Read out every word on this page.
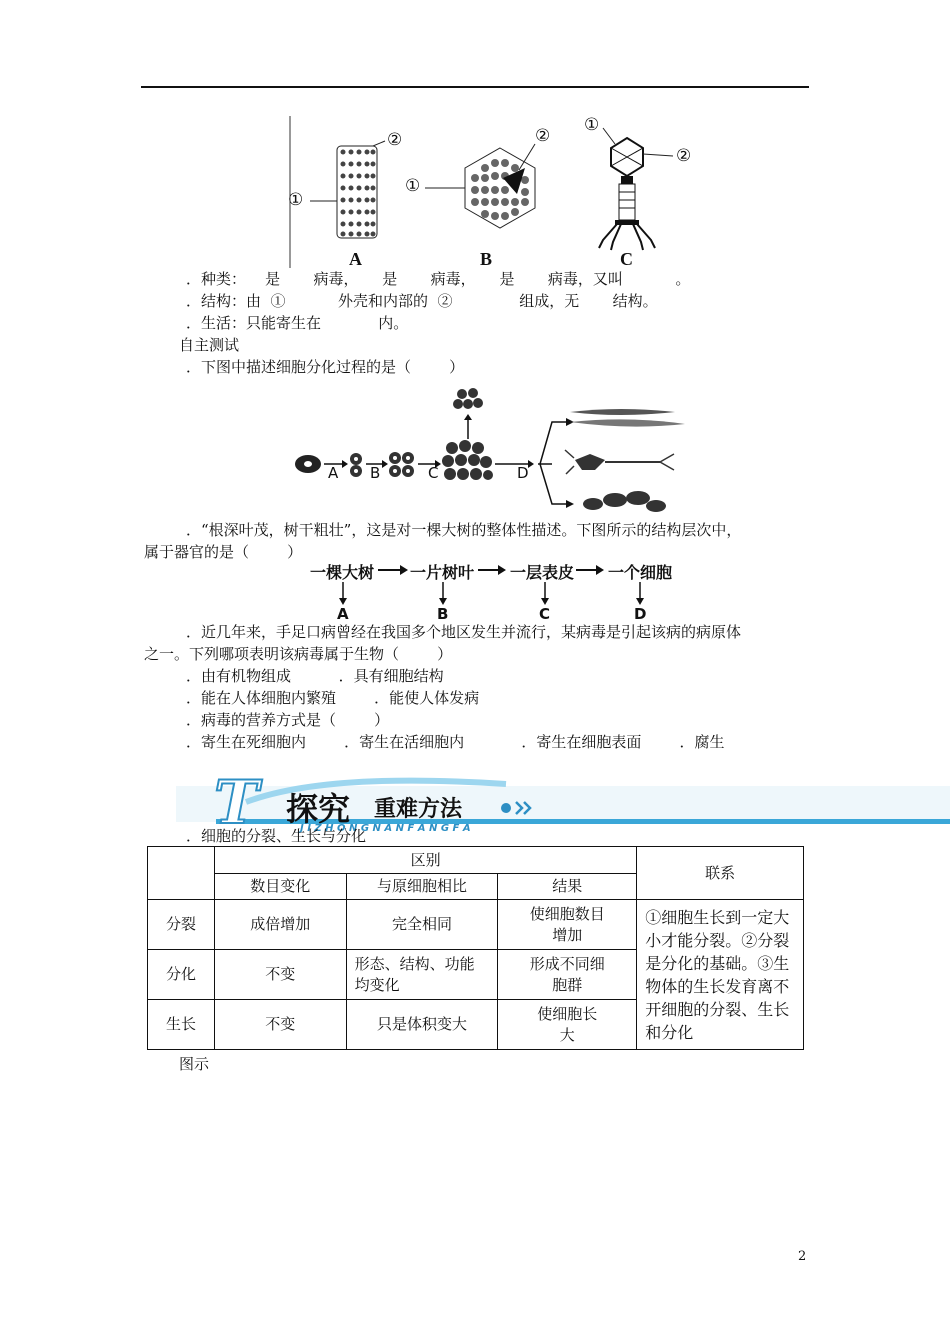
②
①
②
①
①
②
A	B	C
．种类：    是       病毒，     是       病毒，     是       病毒，又叫           。
．结构：由  ①           外壳和内部的  ②              组成，无       结构。
．生活：只能寄生在            内。
自主测试
．下图中描述细胞分化过程的是（        ）
A B	C	D
．“根深叶茂，树干粗壮”，这是对一棵大树的整体性描述。下图所示的结构层次中，
属于器官的是（        ）
一棵大树 一片树叶 一层表皮 一个细胞
A	B	C	D
．近几年来，手足口病曾经在我国多个地区发生并流行，某病毒是引起该病的病原体
之一。下列哪项表明该病毒属于生物（        ）
．由有机物组成          ．具有细胞结构
．能在人体细胞内繁殖        ．能使人体发病
．病毒的营养方式是（        ）
．寄生在死细胞内        ．寄生在活细胞内            ．寄生在细胞表面        ．腐生
T 探究 重难方法
J I Z H O N G N A N F A N G F A
．细胞的分裂、生长与分化
	区别			联系
	数目变化	与原细胞相比	结果	
分裂	成倍增加	完全相同	使细胞数目增加	①细胞生长到一定大小才能分裂。②分裂是分化的基础。③生物体的生长发育离不开细胞的分裂、生长和分化
分化	不变	形态、结构、功能均变化	形成不同细胞群	
生长	不变	只是体积变大	使细胞长大	
图示
2
